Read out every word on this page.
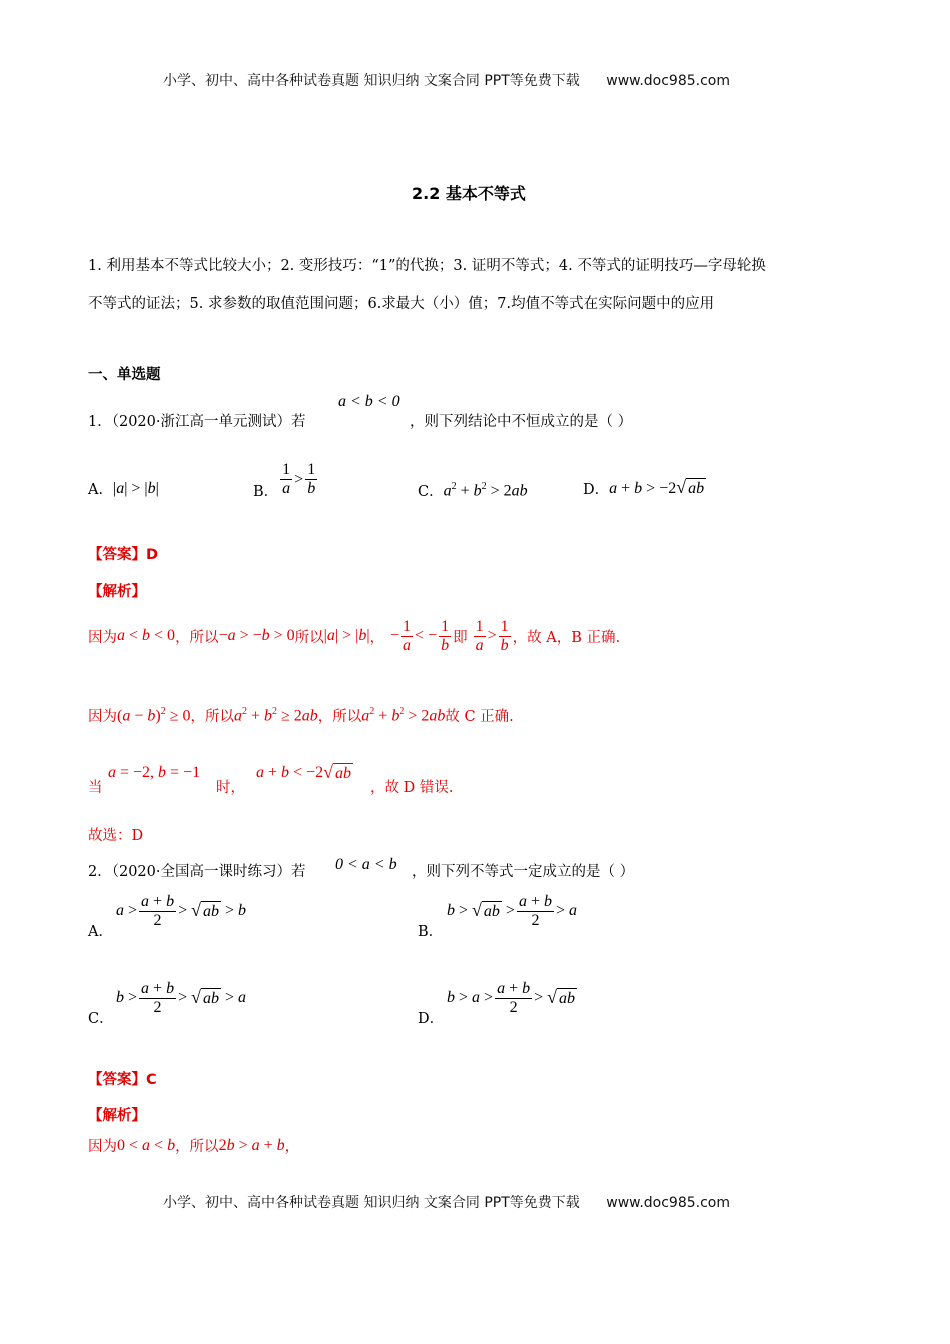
小学、初中、高中各种试卷真题 知识归纳 文案合同 PPT等免费下载 www.doc985.com
2.2 基本不等式
1. 利用基本不等式比较大小；2. 变形技巧：“1”的代换；3. 证明不等式；4. 不等式的证明技巧—字母轮换
不等式的证法；5. 求参数的取值范围问题；6.求最大（小）值；7.均值不等式在实际问题中的应用
一、单选题
1．（2020·浙江高一单元测试）若
a < b < 0
，则下列结论中不恒成立的是（ ）
A． |a| > |b|	B． $\frac{1}{a} > \frac{1}{b}$	C． $a^2 + b^2 > 2ab$	D． a + b > −2 √ ab
【答案】D
【解析】
因为 a < b < 0 ，所以 −a > −b > 0 所以 |a| > |b| ， − $\frac{1}{a}$ < − $\frac{1}{b}$ 即 $\frac{1}{a} > \frac{1}{b}$ ，故 A，B 正确.
因为 $(a - b)^2 \ge 0$ ，所以 $a^2 + b^2 \ge 2ab$ ，所以 $a^2 + b^2 > 2ab$ 故 C 正确.
当
a = −2, b = −1
时，
a + b < −2 √ ab
，故 D 错误.
故选：D
2．（2020·全国高一课时练习）若 0 < a < b ，则下列不等式一定成立的是（ ）
A．
$a > \frac{a + b}{2}$ > √ ab > b
B．
b > √ ab > $\frac{a + b}{2} > a$
C．
$b > \frac{a + b}{2}$ > √ ab > a
D．
$b > a > \frac{a + b}{2}$ > √ ab
【答案】C
【解析】
因为 0 < a < b ，所以 2b > a + b ，
小学、初中、高中各种试卷真题 知识归纳 文案合同 PPT等免费下载 www.doc985.com
